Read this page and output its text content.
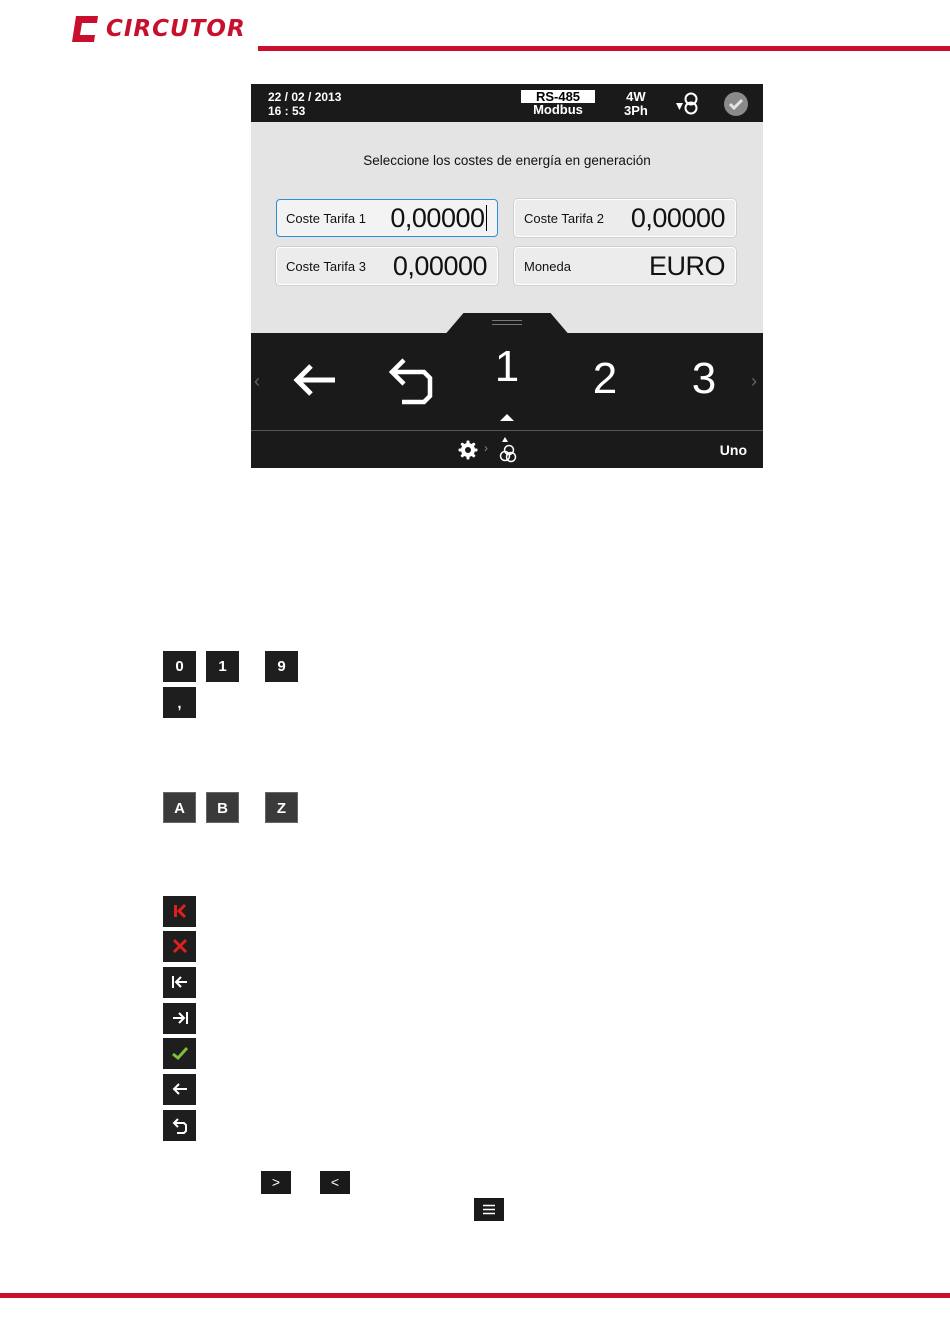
CIRCUTOR
22 / 02 / 2013
16 : 53
RS-485
Modbus
4W
3Ph
Seleccione los costes de energía en generación
Coste Tarifa 1 0,00000	Coste Tarifa 2 0,00000
Coste Tarifa 3 0,00000	Moneda	EURO
‹	›
1 2 3
›	Uno
0	1	9
,
A	B	Z
>	<
